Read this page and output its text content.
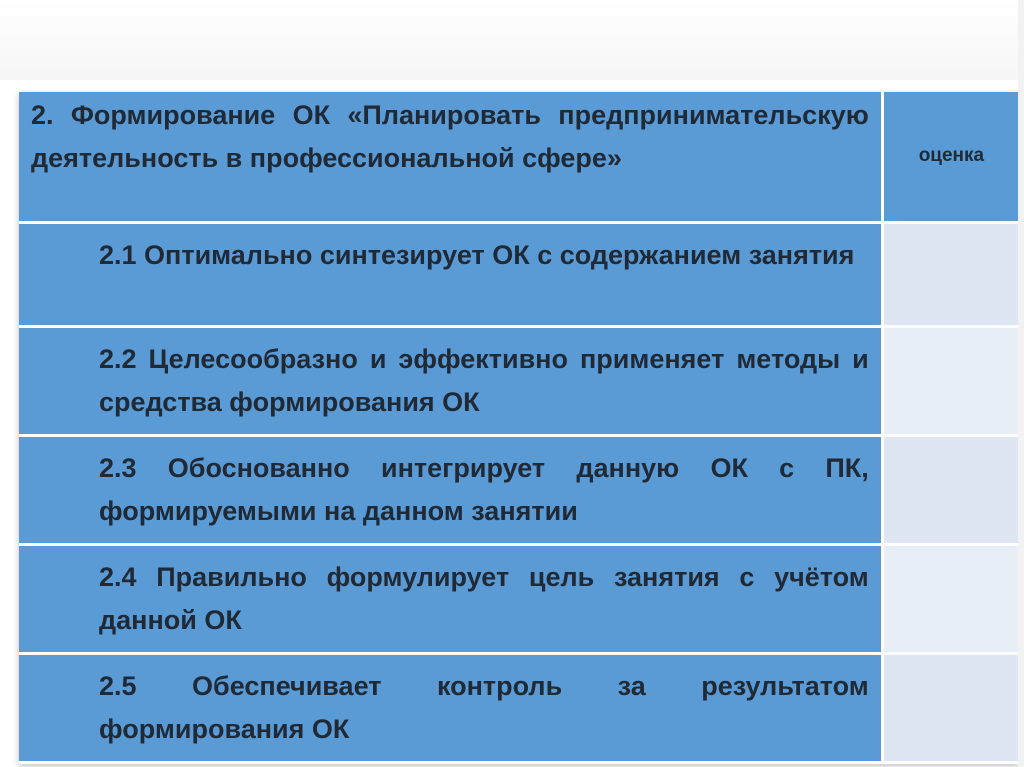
2. Формирование ОК «Планировать предпринимательскую деятельность в профессиональной сфере»	оценка
2.1 Оптимально синтезирует ОК с содержанием занятия	
2.2 Целесообразно и эффективно применяет методы и средства формирования ОК	
2.3 Обоснованно интегрирует данную ОК с ПК, формируемыми на данном занятии	
2.4 Правильно формулирует цель занятия с учётом данной ОК	
2.5 Обеспечивает контроль за результатом формирования ОК	
